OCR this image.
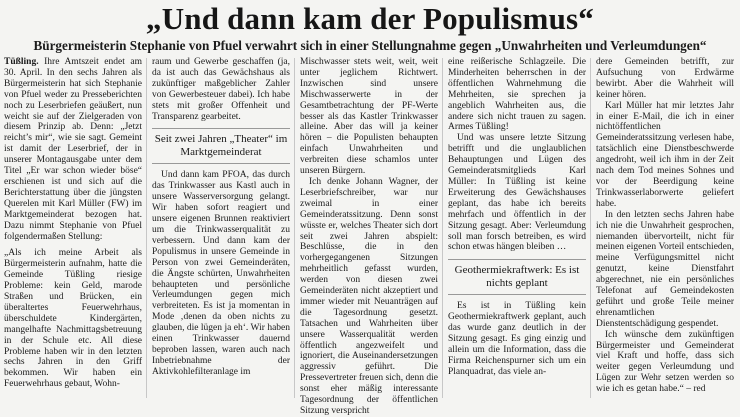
„Und dann kam der Populismus“
Bürgermeisterin Stephanie von Pfuel verwahrt sich in einer Stellungnahme gegen „Unwahrheiten und Verleumdungen“

Tüßling. Ihre Amtszeit endet am 30. April. In den sechs Jahren als Bürgermeisterin hat sich Stephanie von Pfuel weder zu Presseberichten noch zu Leserbriefen geäußert, nun weicht sie auf der Zielgeraden von diesem Prinzip ab. Denn: „Jetzt reicht’s mir“, wie sie sagt. Gemeint ist damit der Leserbrief, der in unserer Montagausgabe unter dem Titel „Er war schon wieder böse“ erschienen ist und sich auf die Berichterstattung über die jüngsten Querelen mit Karl Müller (FW) im Marktgemeinderat bezogen hat. Dazu nimmt Stephanie von Pfuel folgendermaßen Stellung:

„Als ich meine Arbeit als Bürgermeisterin aufnahm, hatte die Gemeinde Tüßling riesige Probleme: kein Geld, marode Straßen und Brücken, ein überaltertes Feuerwehrhaus, überschuldete Kindergärten, mangelhafte Nachmittagsbetreuung in der Schule etc. All diese Probleme haben wir in den letzten sechs Jahren in den Griff bekommen. Wir haben ein Feuerwehrhaus gebaut, Wohn-

raum und Gewerbe geschaffen (ja, da ist auch das Gewächshaus als zukünftiger maßgeblicher Zahler von Gewerbesteuer dabei). Ich habe stets mit großer Offenheit und Transparenz gearbeitet.

Seit zwei Jahren „Theater“ im Marktgemeinderat

Und dann kam PFOA, das durch das Trinkwasser aus Kastl auch in unsere Wasserversorgung gelangt. Wir haben sofort reagiert und unsere eigenen Brunnen reaktiviert um die Trinkwasserqualität zu verbessern. Und dann kam der Populismus in unsere Gemeinde in Person von zwei Gemeinderäten, die Ängste schürten, Unwahrheiten behaupteten und persönliche Verleumdungen gegen mich verbreiteten. Es ist ja momentan in Mode ‚denen da oben nichts zu glauben, die lügen ja eh‘. Wir haben einen Trinkwasser dauernd beproben lassen, waren auch nach Inbetriebnahme der Aktivkohlefilteranlage im

Mischwasser stets weit, weit, weit unter jeglichem Richtwert. Inzwischen sind unsere Mischwasserwerte in der Gesamtbetrachtung der PF-Werte besser als das Kastler Trinkwasser alleine. Aber das will ja keiner hören – die Populisten behaupten einfach Unwahrheiten und verbreiten diese schamlos unter unseren Bürgern.

Ich denke Johann Wagner, der Leserbriefschreiber, war nur zweimal in einer Gemeinderatssitzung. Denn sonst wüsste er, welches Theater sich dort seit zwei Jahren abspielt: Beschlüsse, die in den vorhergegangenen Sitzungen mehrheitlich gefasst wurden, werden von diesen zwei Gemeinderäten nicht akzeptiert und immer wieder mit Neuanträgen auf die Tagesordnung gesetzt. Tatsachen und Wahrheiten über unsere Wasserqualität werden öffentlich angezweifelt und ignoriert, die Auseinandersetzungen aggressiv geführt. Die Pressevertreter freuen sich, denn die sonst eher mäßig interessante Tagesordnung der öffentlichen Sitzung verspricht

eine reißerische Schlagzeile. Die Minderheiten beherrschen in der öffentlichen Wahrnehmung die Mehrheiten, sie sprechen ja angeblich Wahrheiten aus, die andere sich nicht trauen zu sagen. Armes Tüßling!

Und was unsere letzte Sitzung betrifft und die unglaublichen Behauptungen und Lügen des Gemeinderatsmitglieds Karl Müller: In Tüßling ist keine Erweiterung des Gewächshauses geplant, das habe ich bereits mehrfach und öffentlich in der Sitzung gesagt. Aber: Verleumdung soll man forsch betreiben, es wird schon etwas hängen bleiben …

Geothermiekraftwerk: Es ist nichts geplant

Es ist in Tüßling kein Geothermiekraftwerk geplant, auch das wurde ganz deutlich in der Sitzung gesagt. Es ging einzig und allein um die Information, dass die Firma Reichenspurner sich um ein Planquadrat, das viele an-

dere Gemeinden betrifft, zur Aufsuchung von Erdwärme bewirbt. Aber die Wahrheit will keiner hören.

Karl Müller hat mir letztes Jahr in einer E-Mail, die ich in einer nichtöffentlichen Gemeinderatssitzung verlesen habe, tatsächlich eine Dienstbeschwerde angedroht, weil ich ihm in der Zeit nach dem Tod meines Sohnes und vor der Beerdigung keine Trinkwasserlaborwerte geliefert habe.

In den letzten sechs Jahren habe ich nie die Unwahrheit gesprochen, niemanden übervorteilt, nicht für meinen eigenen Vorteil entschieden, meine Verfügungsmittel nicht genutzt, keine Dienstfahrt abgerechnet, nie ein persönliches Telefonat auf Gemeindekosten geführt und große Teile meiner ehrenamtlichen Dienstentschädigung gespendet.

Ich wünsche dem zukünftigen Bürgermeister und Gemeinderat viel Kraft und hoffe, dass sich weiter gegen Verleumdung und Lügen zur Wehr setzen werden so wie ich es getan habe.“ – red
